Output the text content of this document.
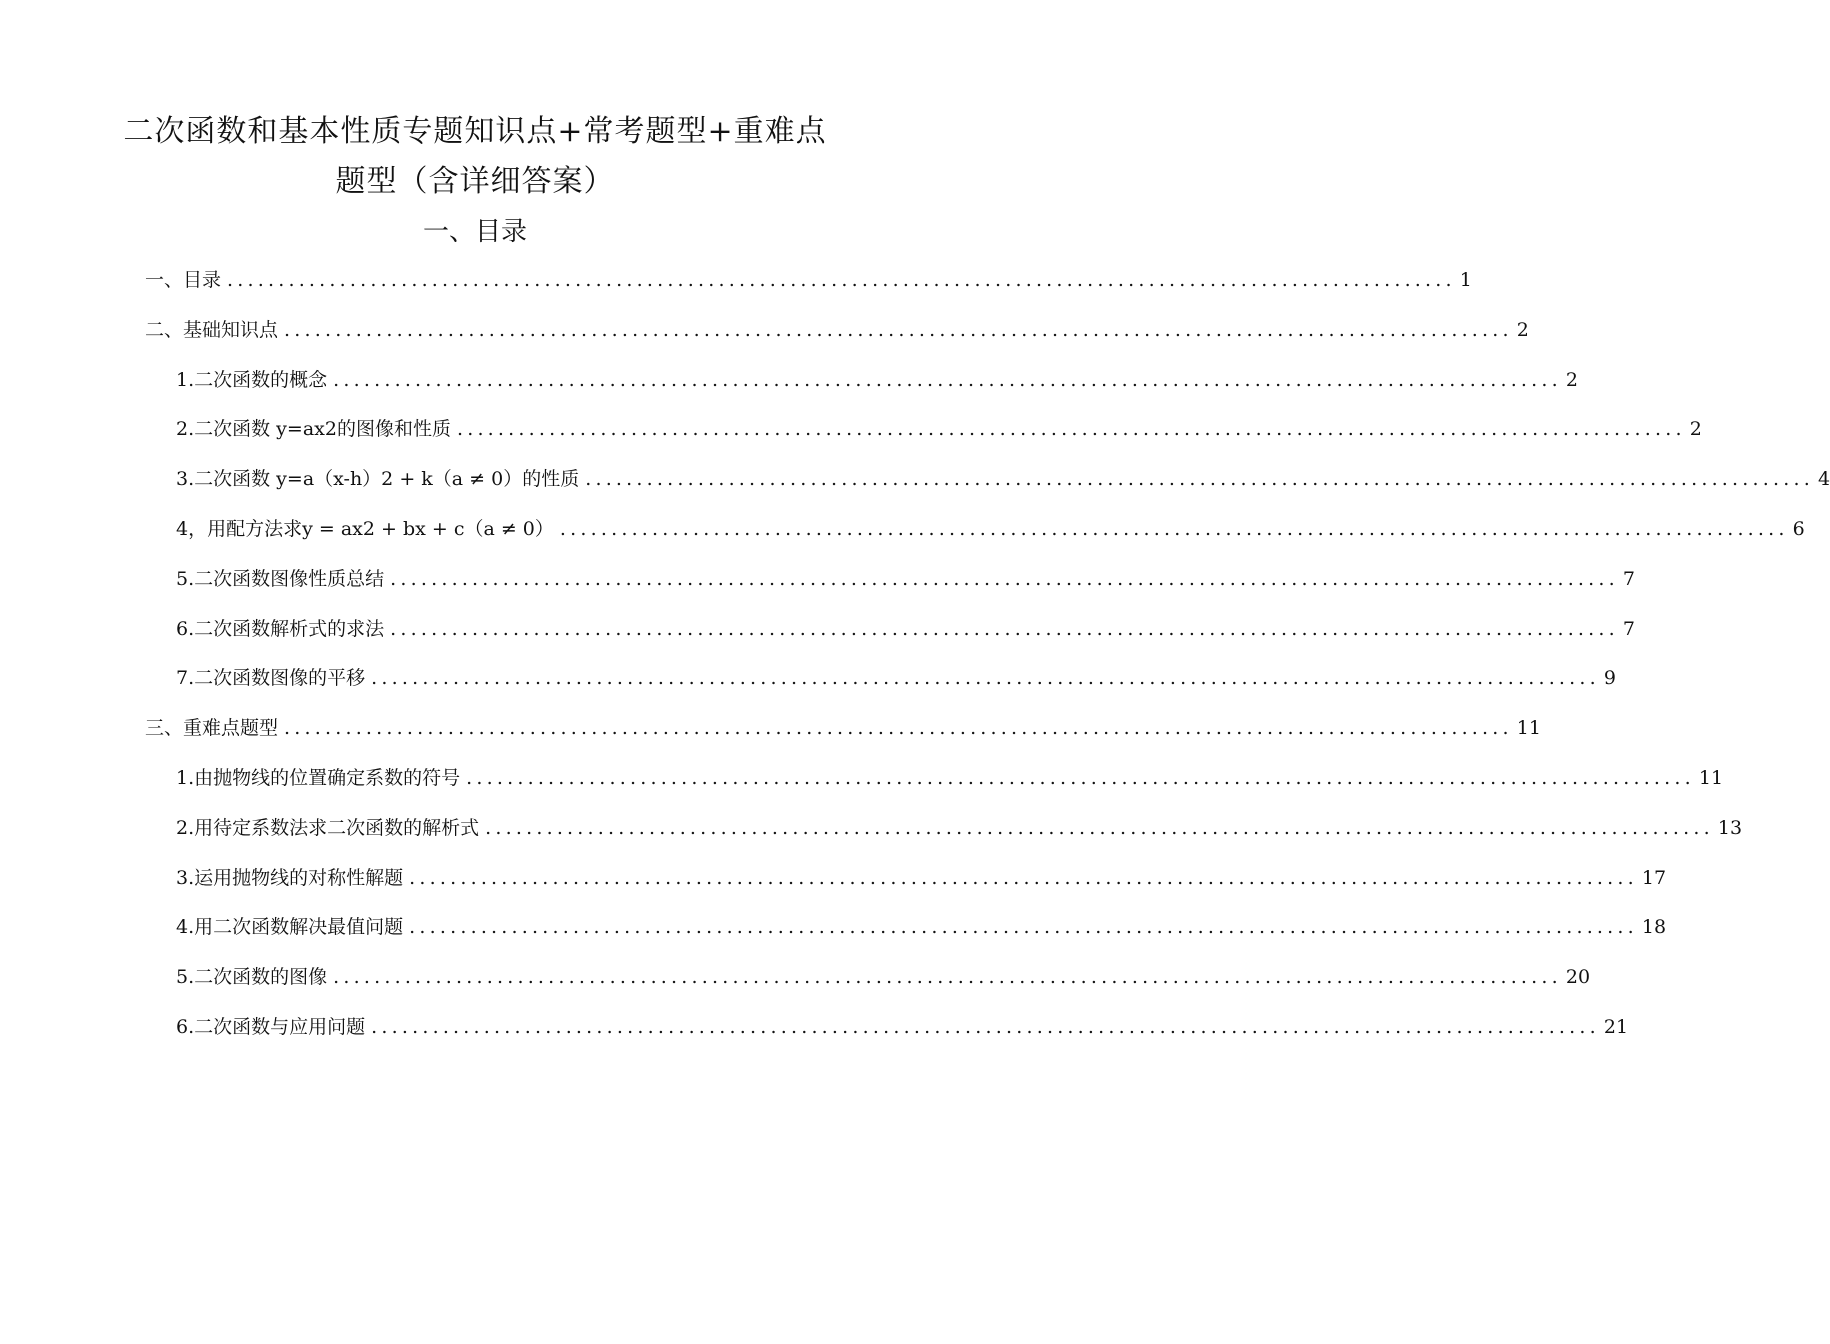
二次函数和基本性质专题知识点+常考题型+重难点
题型（含详细答案）
一、目录
一、目录 ........................................................................................................................ 1
二、基础知识点 ........................................................................................................................ 2
1.二次函数的概念 ........................................................................................................................ 2
2.二次函数 y=ax2的图像和性质 ........................................................................................................................ 2
3.二次函数 y=a（x-h）2 + k（a ≠ 0）的性质 ........................................................................................................................ 4
4，用配方法求y = ax2 + bx + c（a ≠ 0） ........................................................................................................................ 6
5.二次函数图像性质总结 ........................................................................................................................ 7
6.二次函数解析式的求法 ........................................................................................................................ 7
7.二次函数图像的平移 ........................................................................................................................ 9
三、重难点题型 ........................................................................................................................ 11
1.由抛物线的位置确定系数的符号 ........................................................................................................................ 11
2.用待定系数法求二次函数的解析式 ........................................................................................................................ 13
3.运用抛物线的对称性解题 ........................................................................................................................ 17
4.用二次函数解决最值问题 ........................................................................................................................ 18
5.二次函数的图像 ........................................................................................................................ 20
6.二次函数与应用问题 ........................................................................................................................ 21
